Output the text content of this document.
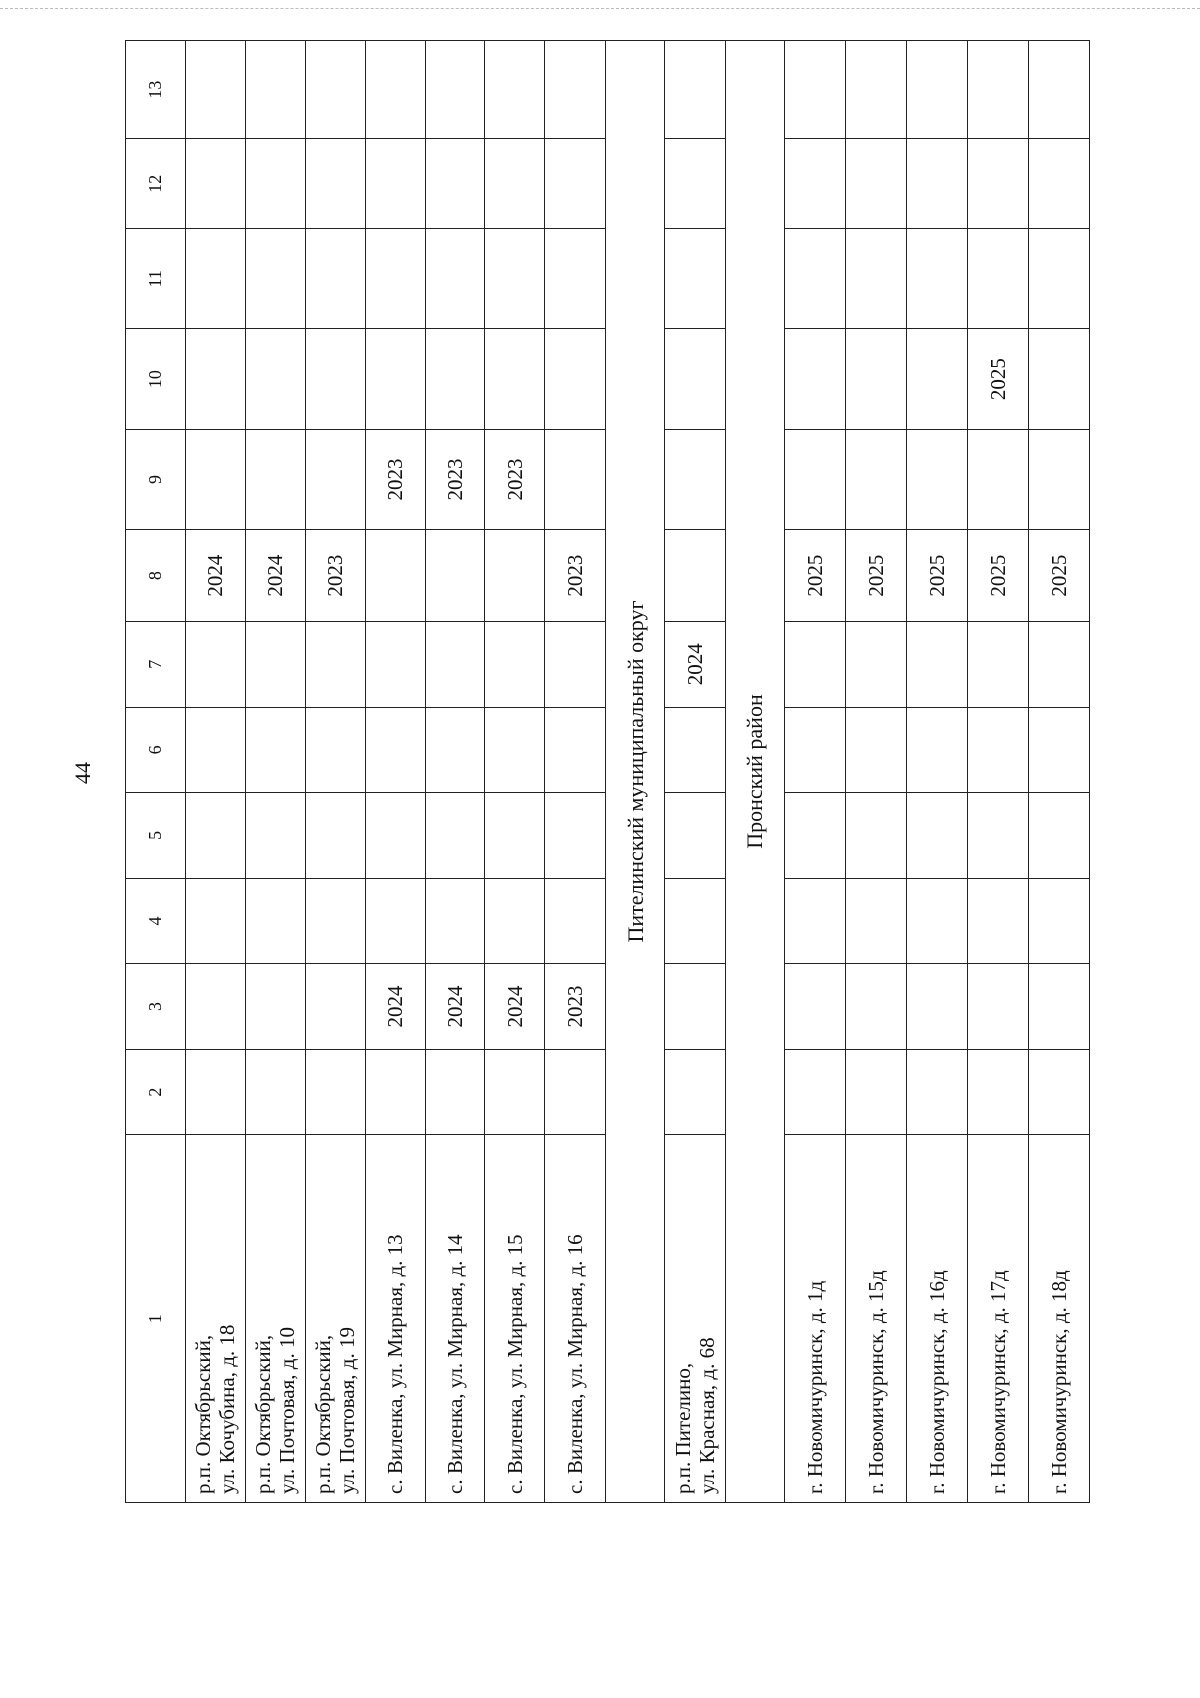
44
1	2	3	4	5	6	7	8	9	10	11	12	13

р.п. Октябрьский, ул. Кочубина, д. 18							2024					

р.п. Октябрьский, ул. Почтовая, д. 10							2024					

р.п. Октябрьский, ул. Почтовая, д. 19							2023					

с. Виленка, ул. Мирная, д. 13		2024						2023				

с. Виленка, ул. Мирная, д. 14		2024						2023				

с. Виленка, ул. Мирная, д. 15		2024						2023				

с. Виленка, ул. Мирная, д. 16		2023					2023					
Пителинский муниципальный округ												

р.п. Пителино, ул. Красная, д. 68						2024						
Пронский район												

г. Новомичуринск, д. 1д							2025					

г. Новомичуринск, д. 15д							2025					

г. Новомичуринск, д. 16д							2025					

г. Новомичуринск, д. 17д							2025		2025			

г. Новомичуринск, д. 18д							2025					
